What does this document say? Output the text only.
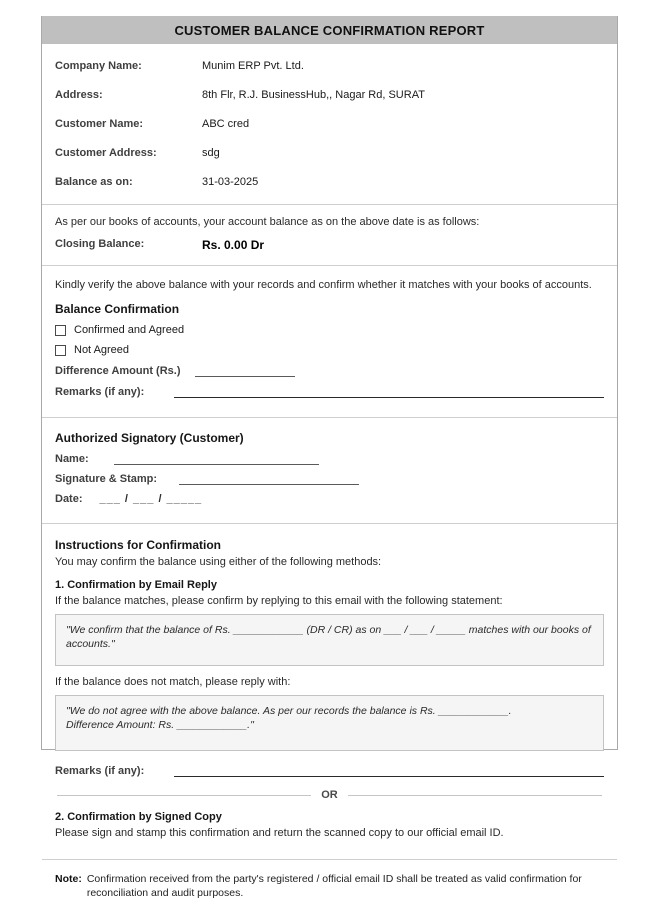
CUSTOMER BALANCE CONFIRMATION REPORT
Company Name:	Munim ERP Pvt. Ltd.
Address:	8th Flr, R.J. BusinessHub,, Nagar Rd, SURAT
Customer Name:	ABC cred
Customer Address:	sdg
Balance as on:	31-03-2025

As per our books of accounts, your account balance as on the above date is as follows:

Closing Balance:	Rs. 0.00 Dr

Kindly verify the above balance with your records and confirm whether it matches with your books of accounts.

Balance Confirmation
Confirmed and Agreed
Not Agreed
Difference Amount (Rs.)
Remarks (if any):
Authorized Signatory (Customer)
Name:
Signature & Stamp:
Date: ___ / ___ / _____
Instructions for Confirmation

You may confirm the balance using either of the following methods:

1. Confirmation by Email Reply

If the balance matches, please confirm by replying to this email with the following statement:

"We confirm that the balance of Rs. ____________ (DR / CR) as on ___ / ___ / _____ matches with our books of accounts."

If the balance does not match, please reply with:

"We do not agree with the above balance. As per our records the balance is Rs. ____________.
Difference Amount: Rs. ____________."
Remarks (if any):
OR
2. Confirmation by Signed Copy

Please sign and stamp this confirmation and return the scanned copy to our official email ID.

Note: Confirmation received from the party's registered / official email ID shall be treated as valid confirmation for reconciliation and audit purposes.
